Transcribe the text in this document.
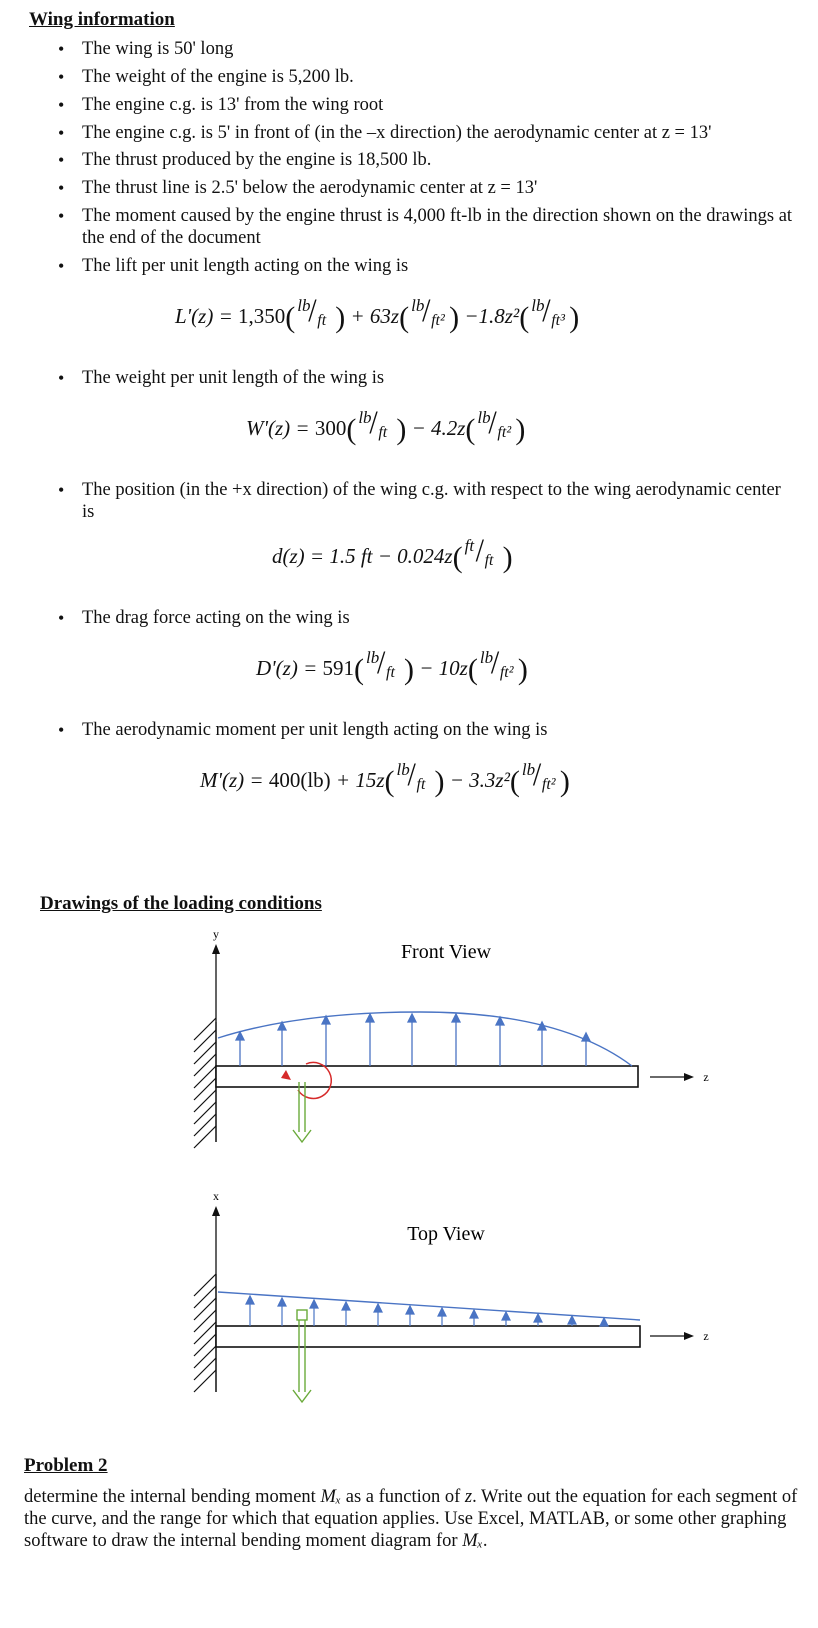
Wing information
• The wing is 50' long
• The weight of the engine is 5,200 lb.
• The engine c.g. is 13' from the wing root
• The engine c.g. is 5' in front of (in the –x direction) the aerodynamic center at z = 13'
• The thrust produced by the engine is 18,500 lb.
• The thrust line is 2.5' below the aerodynamic center at z = 13'
• The moment caused by the engine thrust is 4,000 ft-lb in the direction shown on the drawings at the end of the document
• The lift per unit length acting on the wing is
• The weight per unit length of the wing is
• The position (in the +x direction) of the wing c.g. with respect to the wing aerodynamic center is
• The drag force acting on the wing is
• The aerodynamic moment per unit length acting on the wing is
L'(z) = 1,350( lb
/ ft ) + 63z( lb
/ ft² ) −1.8z²( lb
/ ft³ )
W'(z) = 300( lb
/ ft ) − 4.2z( lb
/ ft² )
d(z) = 1.5 ft − 0.024z( ft / ft )
D'(z) = 591( lb
/ ft ) − 10z( lb
/ ft² )
M'(z) = 400(lb) + 15z( lb
/ ft ) − 3.3z²( lb
/ ft² )
Drawings of the loading conditions
y
Front View
z
x
Top View
z
Problem 2
determine the internal bending moment Mₓ as a function of z. Write out the equation for each segment of the curve, and the range for which that equation applies. Use Excel, MATLAB, or some other graphing software to draw the internal bending moment diagram for Mₓ.
